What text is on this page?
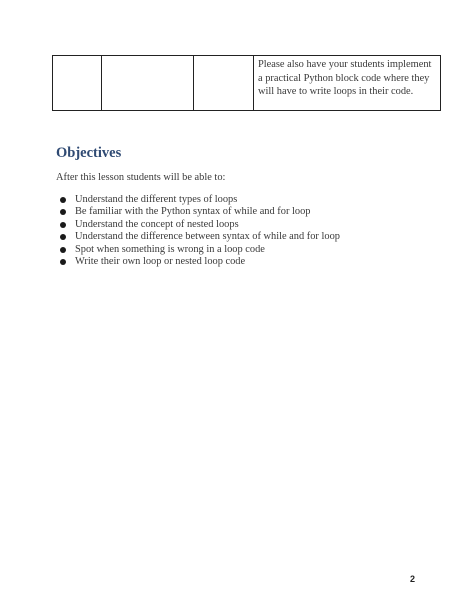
Please also have your students implement a practical Python block code where they will have to write loops in their code.
Objectives

After this lesson students will be able to:

Understand the different types of loops
Be familiar with the Python syntax of while and for loop
Understand the concept of nested loops
Understand the difference between syntax of while and for loop
Spot when something is wrong in a loop code
Write their own loop or nested loop code
2
